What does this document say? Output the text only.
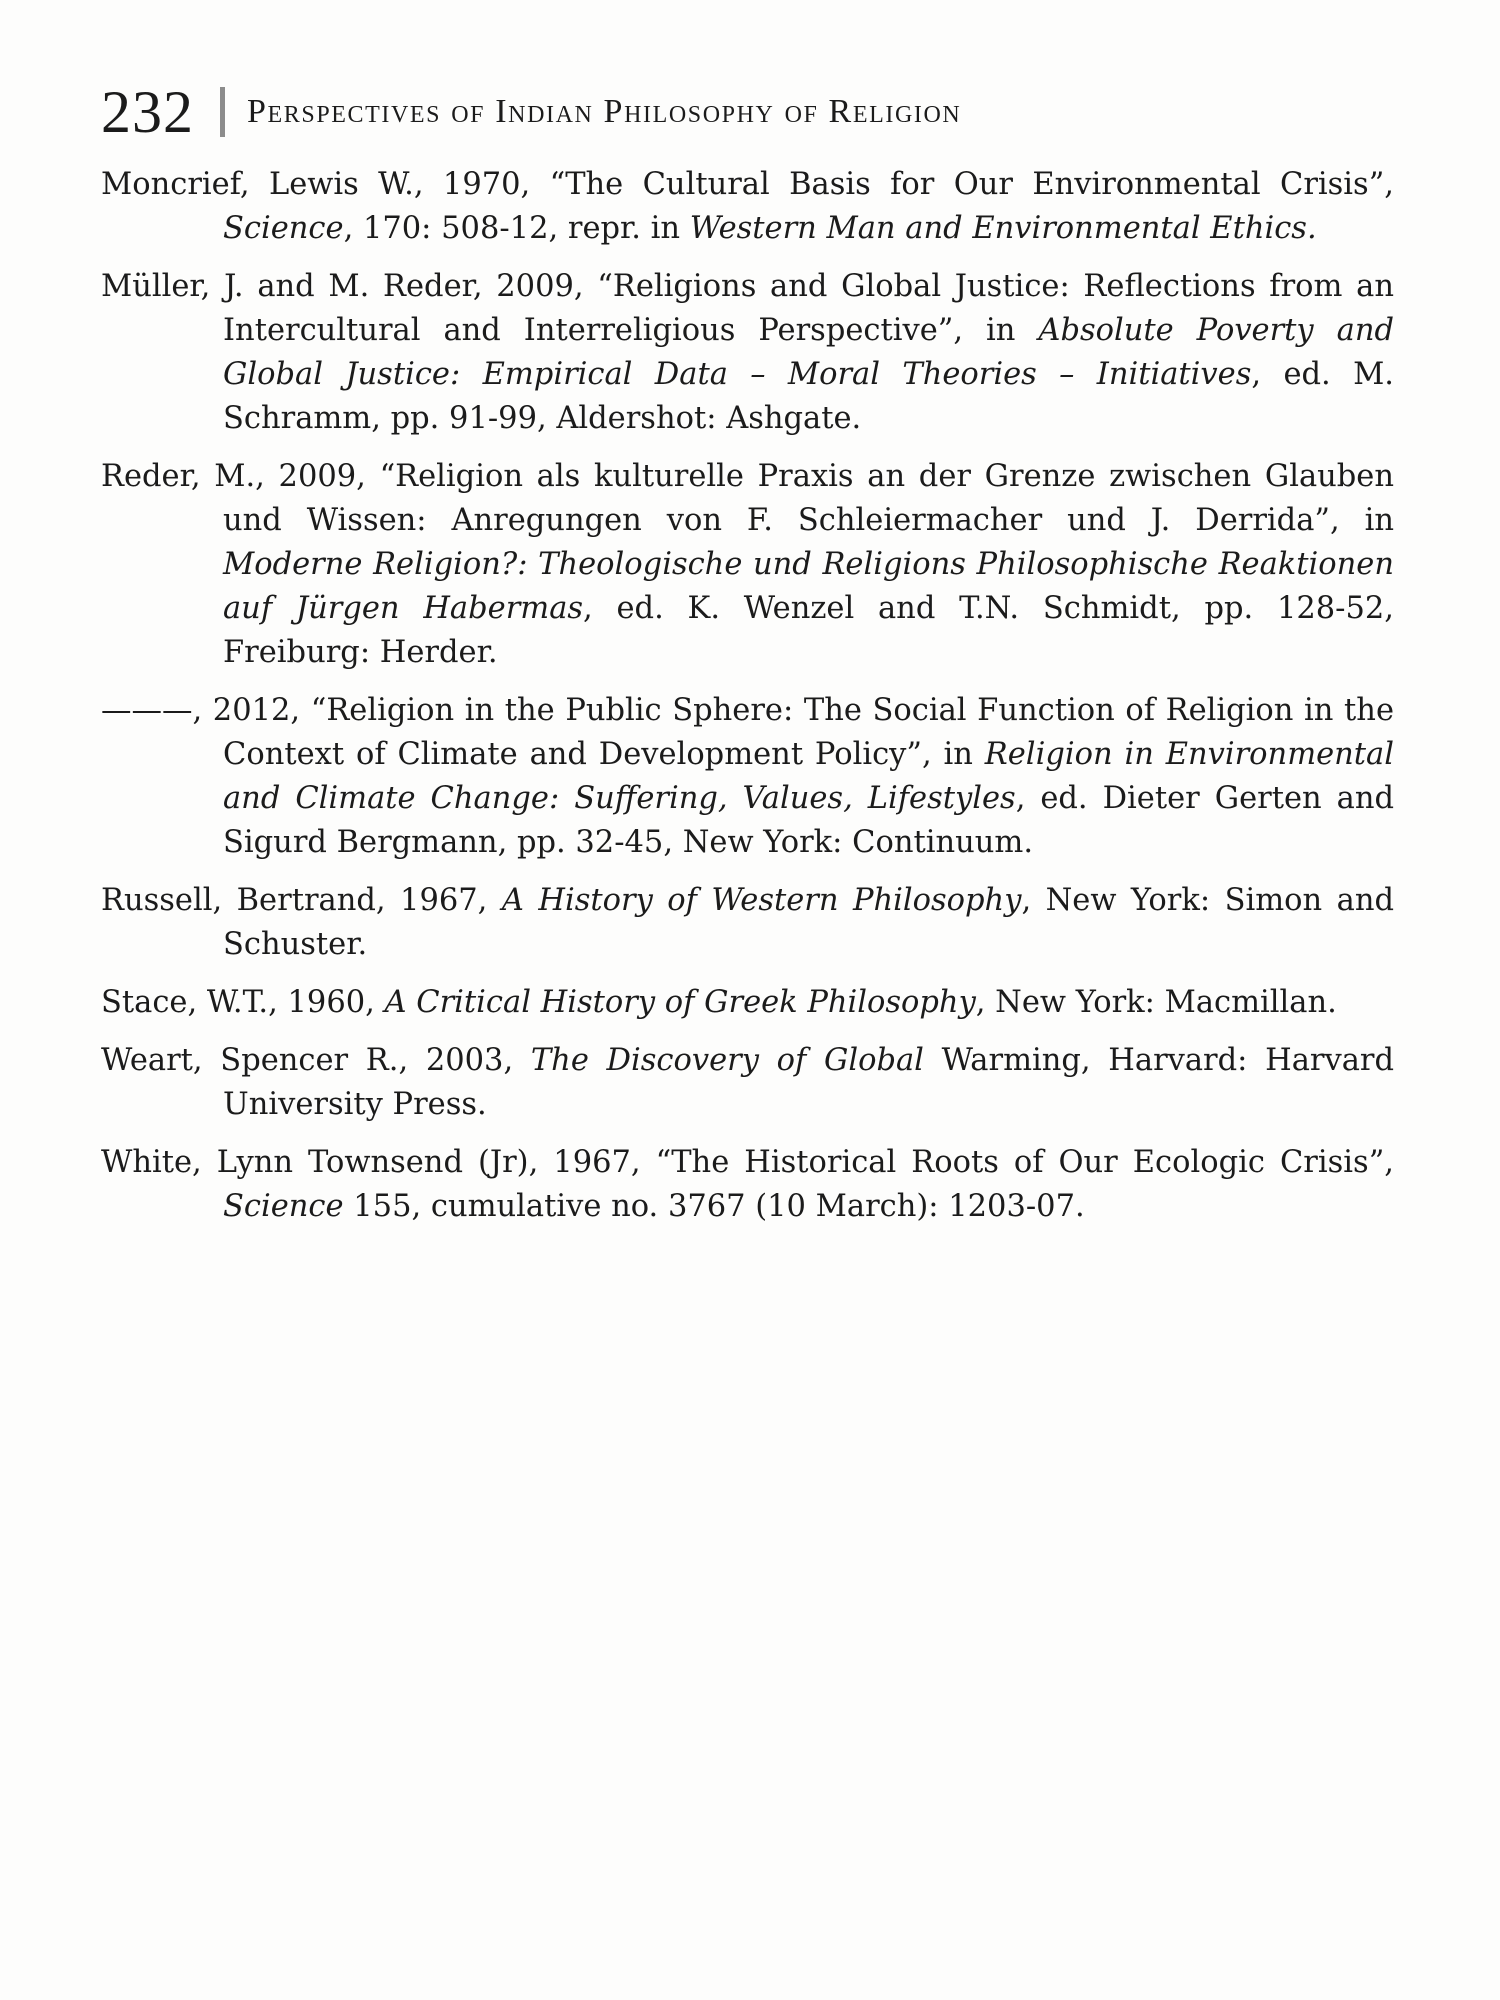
232 Perspectives of Indian Philosophy of Religion

Moncrief, Lewis W., 1970, “The Cultural Basis for Our Environmental Crisis”, Science, 170: 508-12, repr. in Western Man and Environmental Ethics.

Müller, J. and M. Reder, 2009, “Religions and Global Justice: Reflections from an Intercultural and Interreligious Perspective”, in Absolute Poverty and Global Justice: Empirical Data – Moral Theories – Initiatives, ed. M. Schramm, pp. 91-99, Aldershot: Ashgate.

Reder, M., 2009, “Religion als kulturelle Praxis an der Grenze zwischen Glauben und Wissen: Anregungen von F. Schleiermacher und J. Derrida”, in Moderne Religion?: Theologische und Religions Philosophische Reaktionen auf Jürgen Habermas, ed. K. Wenzel and T.N. Schmidt, pp. 128-52, Freiburg: Herder.

———, 2012, “Religion in the Public Sphere: The Social Function of Religion in the Context of Climate and Development Policy”, in Religion in Environmental and Climate Change: Suffering, Values, Lifestyles, ed. Dieter Gerten and Sigurd Bergmann, pp. 32-45, New York: Continuum.

Russell, Bertrand, 1967, A History of Western Philosophy, New York: Simon and Schuster.

Stace, W.T., 1960, A Critical History of Greek Philosophy, New York: Macmillan.

Weart, Spencer R., 2003, The Discovery of Global Warming, Harvard: Harvard University Press.

White, Lynn Townsend (Jr), 1967, “The Historical Roots of Our Ecologic Crisis”, Science 155, cumulative no. 3767 (10 March): 1203-07.
